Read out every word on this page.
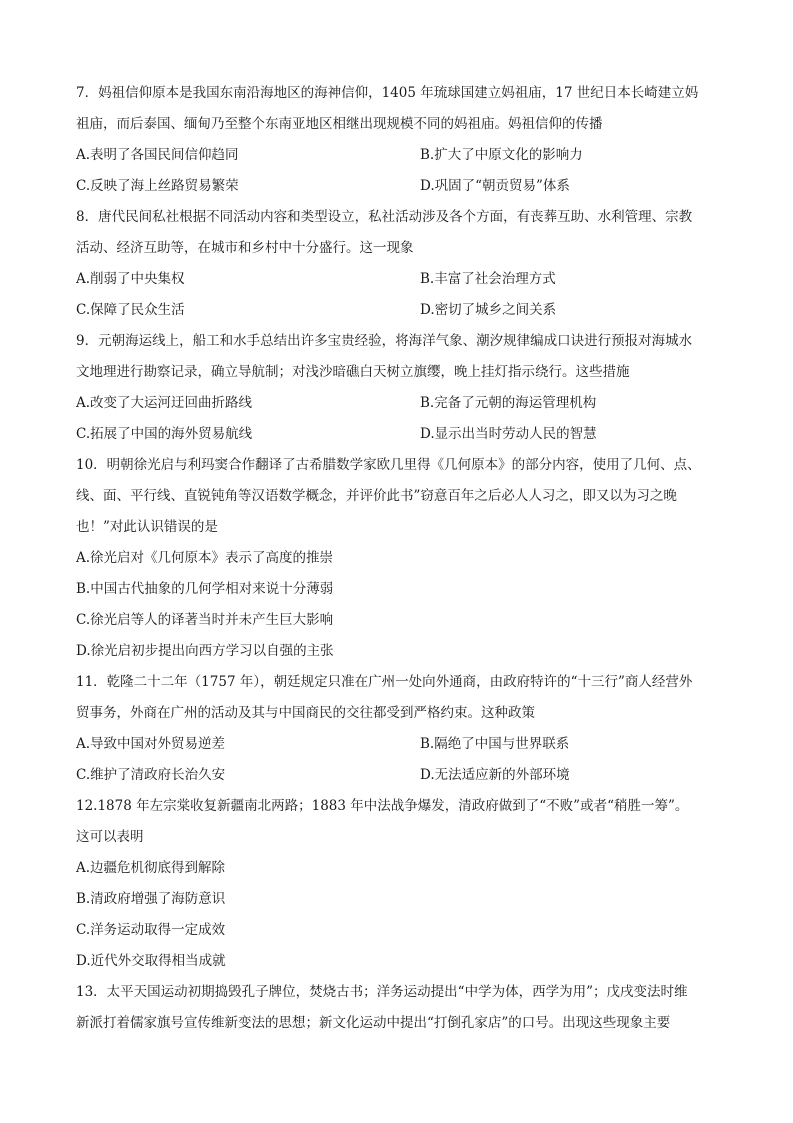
7．妈祖信仰原本是我国东南沿海地区的海神信仰，1405 年琉球国建立妈祖庙，17 世纪日本长崎建立妈
祖庙，而后泰国、缅甸乃至整个东南亚地区相继出现规模不同的妈祖庙。妈祖信仰的传播
A.表明了各国民间信仰趋同	B.扩大了中原文化的影响力
C.反映了海上丝路贸易繁荣	D.巩固了“朝贡贸易”体系
8．唐代民间私社根据不同活动内容和类型设立，私社活动涉及各个方面，有丧葬互助、水利管理、宗教
活动、经济互助等，在城市和乡村中十分盛行。这一现象
A.削弱了中央集权	B.丰富了社会治理方式
C.保障了民众生活	D.密切了城乡之间关系
9．元朝海运线上，船工和水手总结出许多宝贵经验，将海洋气象、潮汐规律编成口诀进行预报对海城水
文地理进行勘察记录，确立导航制；对浅沙暗礁白天树立旗缨，晚上挂灯指示绕行。这些措施
A.改变了大运河迂回曲折路线	B.完备了元朝的海运管理机构
C.拓展了中国的海外贸易航线	D.显示出当时劳动人民的智慧
10．明朝徐光启与利玛窦合作翻译了古希腊数学家欧几里得《几何原本》的部分内容，使用了几何、点、
线、面、平行线、直锐钝角等汉语数学概念，并评价此书”窃意百年之后必人人习之，即又以为习之晚
也！”对此认识错误的是
A.徐光启对《几何原本》表示了高度的推崇
B.中国古代抽象的几何学相对来说十分薄弱
C.徐光启等人的译著当时并未产生巨大影响
D.徐光启初步提出向西方学习以自强的主张
11．乾隆二十二年（1757 年），朝廷规定只准在广州一处向外通商，由政府特许的“十三行”商人经营外
贸事务，外商在广州的活动及其与中国商民的交往都受到严格约束。这种政策
A.导致中国对外贸易逆差	B.隔绝了中国与世界联系
C.维护了清政府长治久安	D.无法适应新的外部环境
12.1878 年左宗棠收复新疆南北两路；1883 年中法战争爆发，清政府做到了“不败”或者“稍胜一筹”。
这可以表明
A.边疆危机彻底得到解除
B.清政府增强了海防意识
C.洋务运动取得一定成效
D.近代外交取得相当成就
13．太平天国运动初期捣毁孔子牌位，焚烧古书；洋务运动提出“中学为体，西学为用”；戊戌变法时维
新派打着儒家旗号宣传维新变法的思想；新文化运动中提出“打倒孔家店”的口号。出现这些现象主要
